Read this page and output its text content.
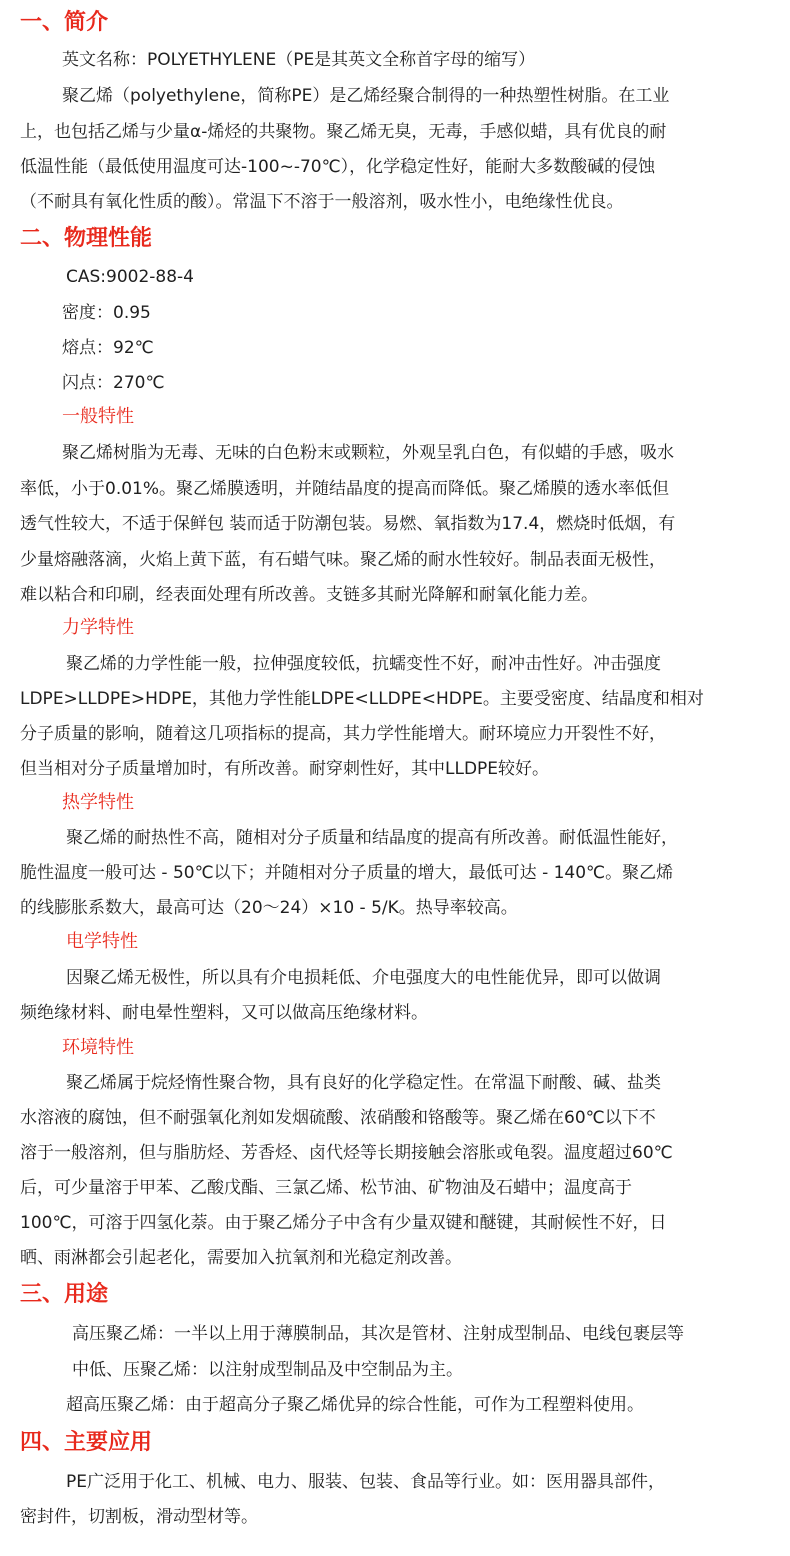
一、简介
英文名称：POLYETHYLENE（PE是其英文全称首字母的缩写）
聚乙烯（polyethylene，简称PE）是乙烯经聚合制得的一种热塑性树脂。在工业
上，也包括乙烯与少量α-烯烃的共聚物。聚乙烯无臭，无毒，手感似蜡，具有优良的耐
低温性能（最低使用温度可达-100~-70℃），化学稳定性好，能耐大多数酸碱的侵蚀
（不耐具有氧化性质的酸）。常温下不溶于一般溶剂，吸水性小，电绝缘性优良。
二、物理性能
CAS:9002-88-4
密度：0.95
熔点：92℃
闪点：270℃
一般特性
聚乙烯树脂为无毒、无味的白色粉末或颗粒，外观呈乳白色，有似蜡的手感，吸水
率低，小于0.01%。聚乙烯膜透明，并随结晶度的提高而降低。聚乙烯膜的透水率低但
透气性较大，不适于保鲜包 装而适于防潮包装。易燃、氧指数为17.4，燃烧时低烟，有
少量熔融落滴，火焰上黄下蓝，有石蜡气味。聚乙烯的耐水性较好。制品表面无极性，
难以粘合和印刷，经表面处理有所改善。支链多其耐光降解和耐氧化能力差。
力学特性
聚乙烯的力学性能一般，拉伸强度较低，抗蠕变性不好，耐冲击性好。冲击强度
LDPE>LLDPE>HDPE，其他力学性能LDPE<LLDPE<HDPE。主要受密度、结晶度和相对
分子质量的影响，随着这几项指标的提高，其力学性能增大。耐环境应力开裂性不好，
但当相对分子质量增加时，有所改善。耐穿刺性好，其中LLDPE较好。
热学特性
聚乙烯的耐热性不高，随相对分子质量和结晶度的提高有所改善。耐低温性能好，
脆性温度一般可达 - 50℃以下；并随相对分子质量的增大，最低可达 - 140℃。聚乙烯
的线膨胀系数大，最高可达（20～24）×10 - 5/K。热导率较高。
电学特性
因聚乙烯无极性，所以具有介电损耗低、介电强度大的电性能优异，即可以做调
频绝缘材料、耐电晕性塑料，又可以做高压绝缘材料。
环境特性
聚乙烯属于烷烃惰性聚合物，具有良好的化学稳定性。在常温下耐酸、碱、盐类
水溶液的腐蚀，但不耐强氧化剂如发烟硫酸、浓硝酸和铬酸等。聚乙烯在60℃以下不
溶于一般溶剂，但与脂肪烃、芳香烃、卤代烃等长期接触会溶胀或龟裂。温度超过60℃
后，可少量溶于甲苯、乙酸戊酯、三氯乙烯、松节油、矿物油及石蜡中；温度高于
100℃，可溶于四氢化萘。由于聚乙烯分子中含有少量双键和醚键，其耐候性不好，日
晒、雨淋都会引起老化，需要加入抗氧剂和光稳定剂改善。
三、用途
高压聚乙烯：一半以上用于薄膜制品，其次是管材、注射成型制品、电线包裹层等
中低、压聚乙烯：以注射成型制品及中空制品为主。
超高压聚乙烯：由于超高分子聚乙烯优异的综合性能，可作为工程塑料使用。
四、主要应用
PE广泛用于化工、机械、电力、服装、包装、食品等行业。如：医用器具部件，
密封件，切割板，滑动型材等。
